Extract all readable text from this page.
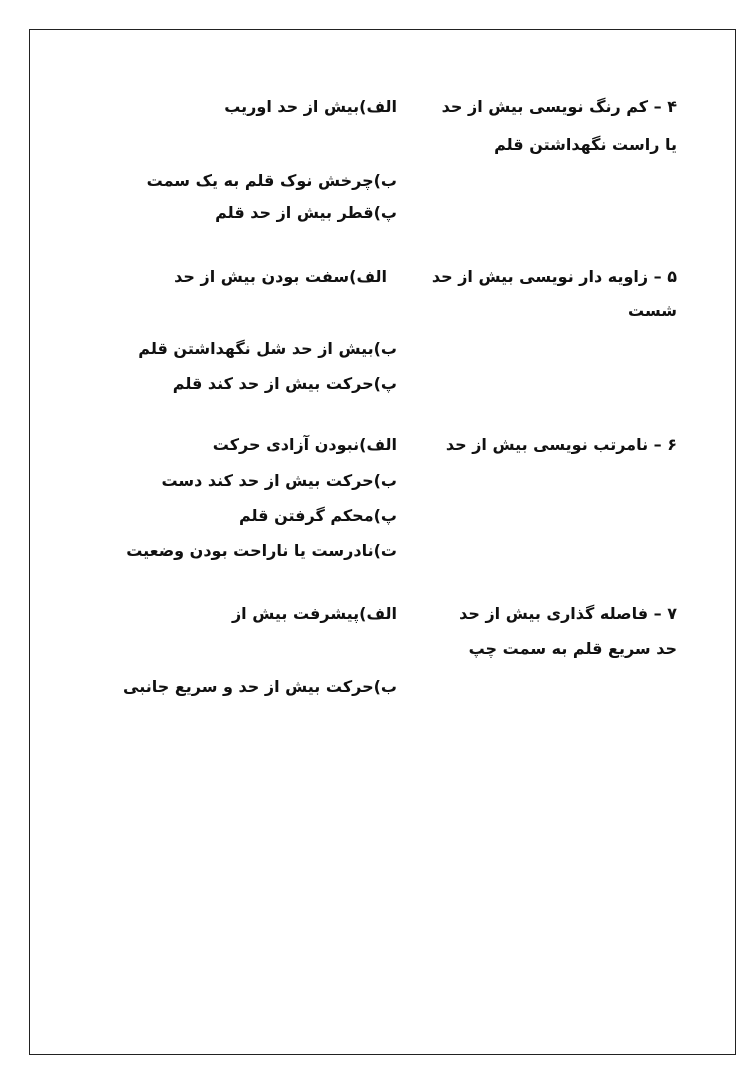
۴ – کم رنگ نویسی بیش از حد
الف)بیش از حد اوریب
یا راست نگهداشتن قلم
ب)چرخش نوک قلم به یک سمت
پ)قطر بیش از حد قلم
۵ – زاویه دار نویسی بیش از حد
الف)سفت بودن بیش از حد
شست
ب)بیش از حد شل نگهداشتن قلم
پ)حرکت بیش از حد کند قلم
۶ – نامرتب نویسی بیش از حد
الف)نبودن آزادی حرکت
ب)حرکت بیش از حد کند دست
پ)محکم گرفتن قلم
ت)نادرست یا ناراحت بودن وضعیت
۷ – فاصله گذاری بیش از حد
الف)پیشرفت بیش از
حد سریع قلم به سمت چپ
ب)حرکت بیش از حد و سریع جانبی
